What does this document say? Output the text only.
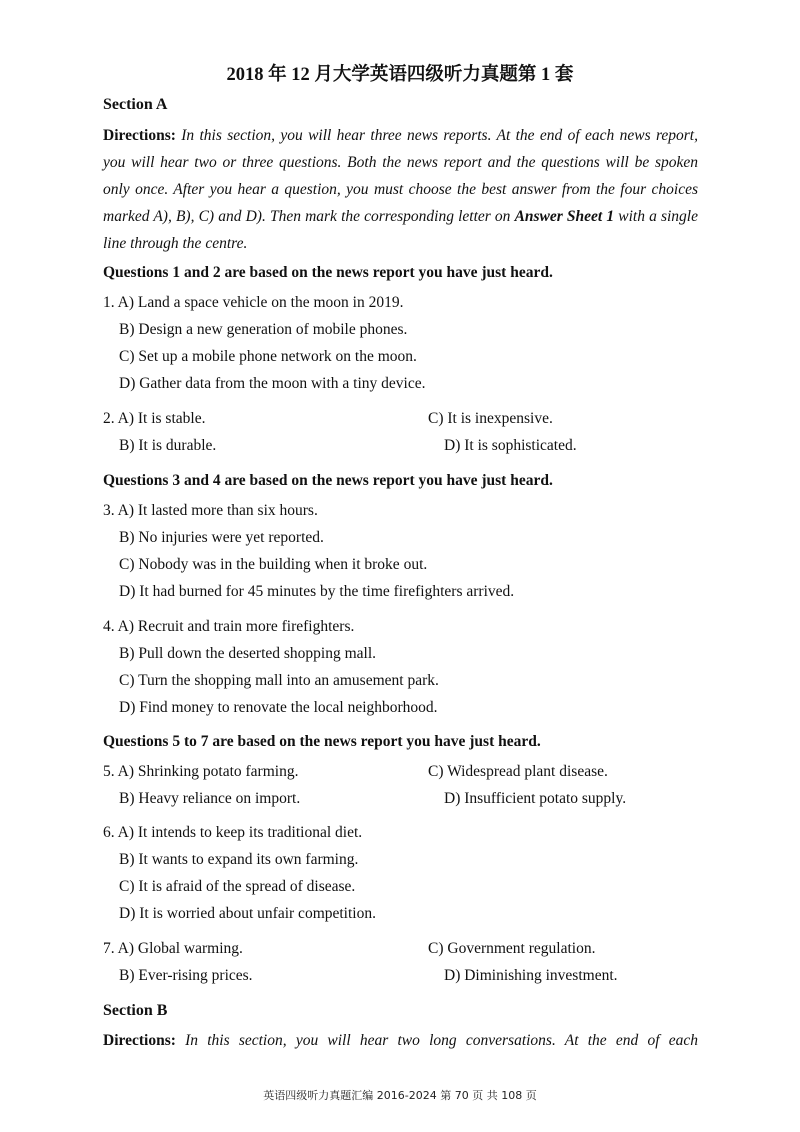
2018 年 12 月大学英语四级听力真题第 1 套
Section A
Directions: In this section, you will hear three news reports. At the end of each news report, you will hear two or three questions. Both the news report and the questions will be spoken only once. After you hear a question, you must choose the best answer from the four choices marked A), B), C) and D). Then mark the corresponding letter on Answer Sheet 1 with a single line through the centre.
Questions 1 and 2 are based on the news report you have just heard.
1. A) Land a space vehicle on the moon in 2019.
B) Design a new generation of mobile phones.
C) Set up a mobile phone network on the moon.
D) Gather data from the moon with a tiny device.
2. A) It is stable.	C) It is inexpensive.
B) It is durable.	D) It is sophisticated.
Questions 3 and 4 are based on the news report you have just heard.
3. A) It lasted more than six hours.
B) No injuries were yet reported.
C) Nobody was in the building when it broke out.
D) It had burned for 45 minutes by the time firefighters arrived.
4. A) Recruit and train more firefighters.
B) Pull down the deserted shopping mall.
C) Turn the shopping mall into an amusement park.
D) Find money to renovate the local neighborhood.
Questions 5 to 7 are based on the news report you have just heard.
5. A) Shrinking potato farming.	C) Widespread plant disease.
B) Heavy reliance on import.	D) Insufficient potato supply.
6. A) It intends to keep its traditional diet.
B) It wants to expand its own farming.
C) It is afraid of the spread of disease.
D) It is worried about unfair competition.
7. A) Global warming.	C) Government regulation.
B) Ever-rising prices.	D) Diminishing investment.
Section B
Directions: In this section, you will hear two long conversations. At the end of each
英语四级听力真题汇编 2016-2024 第 70 页 共 108 页
